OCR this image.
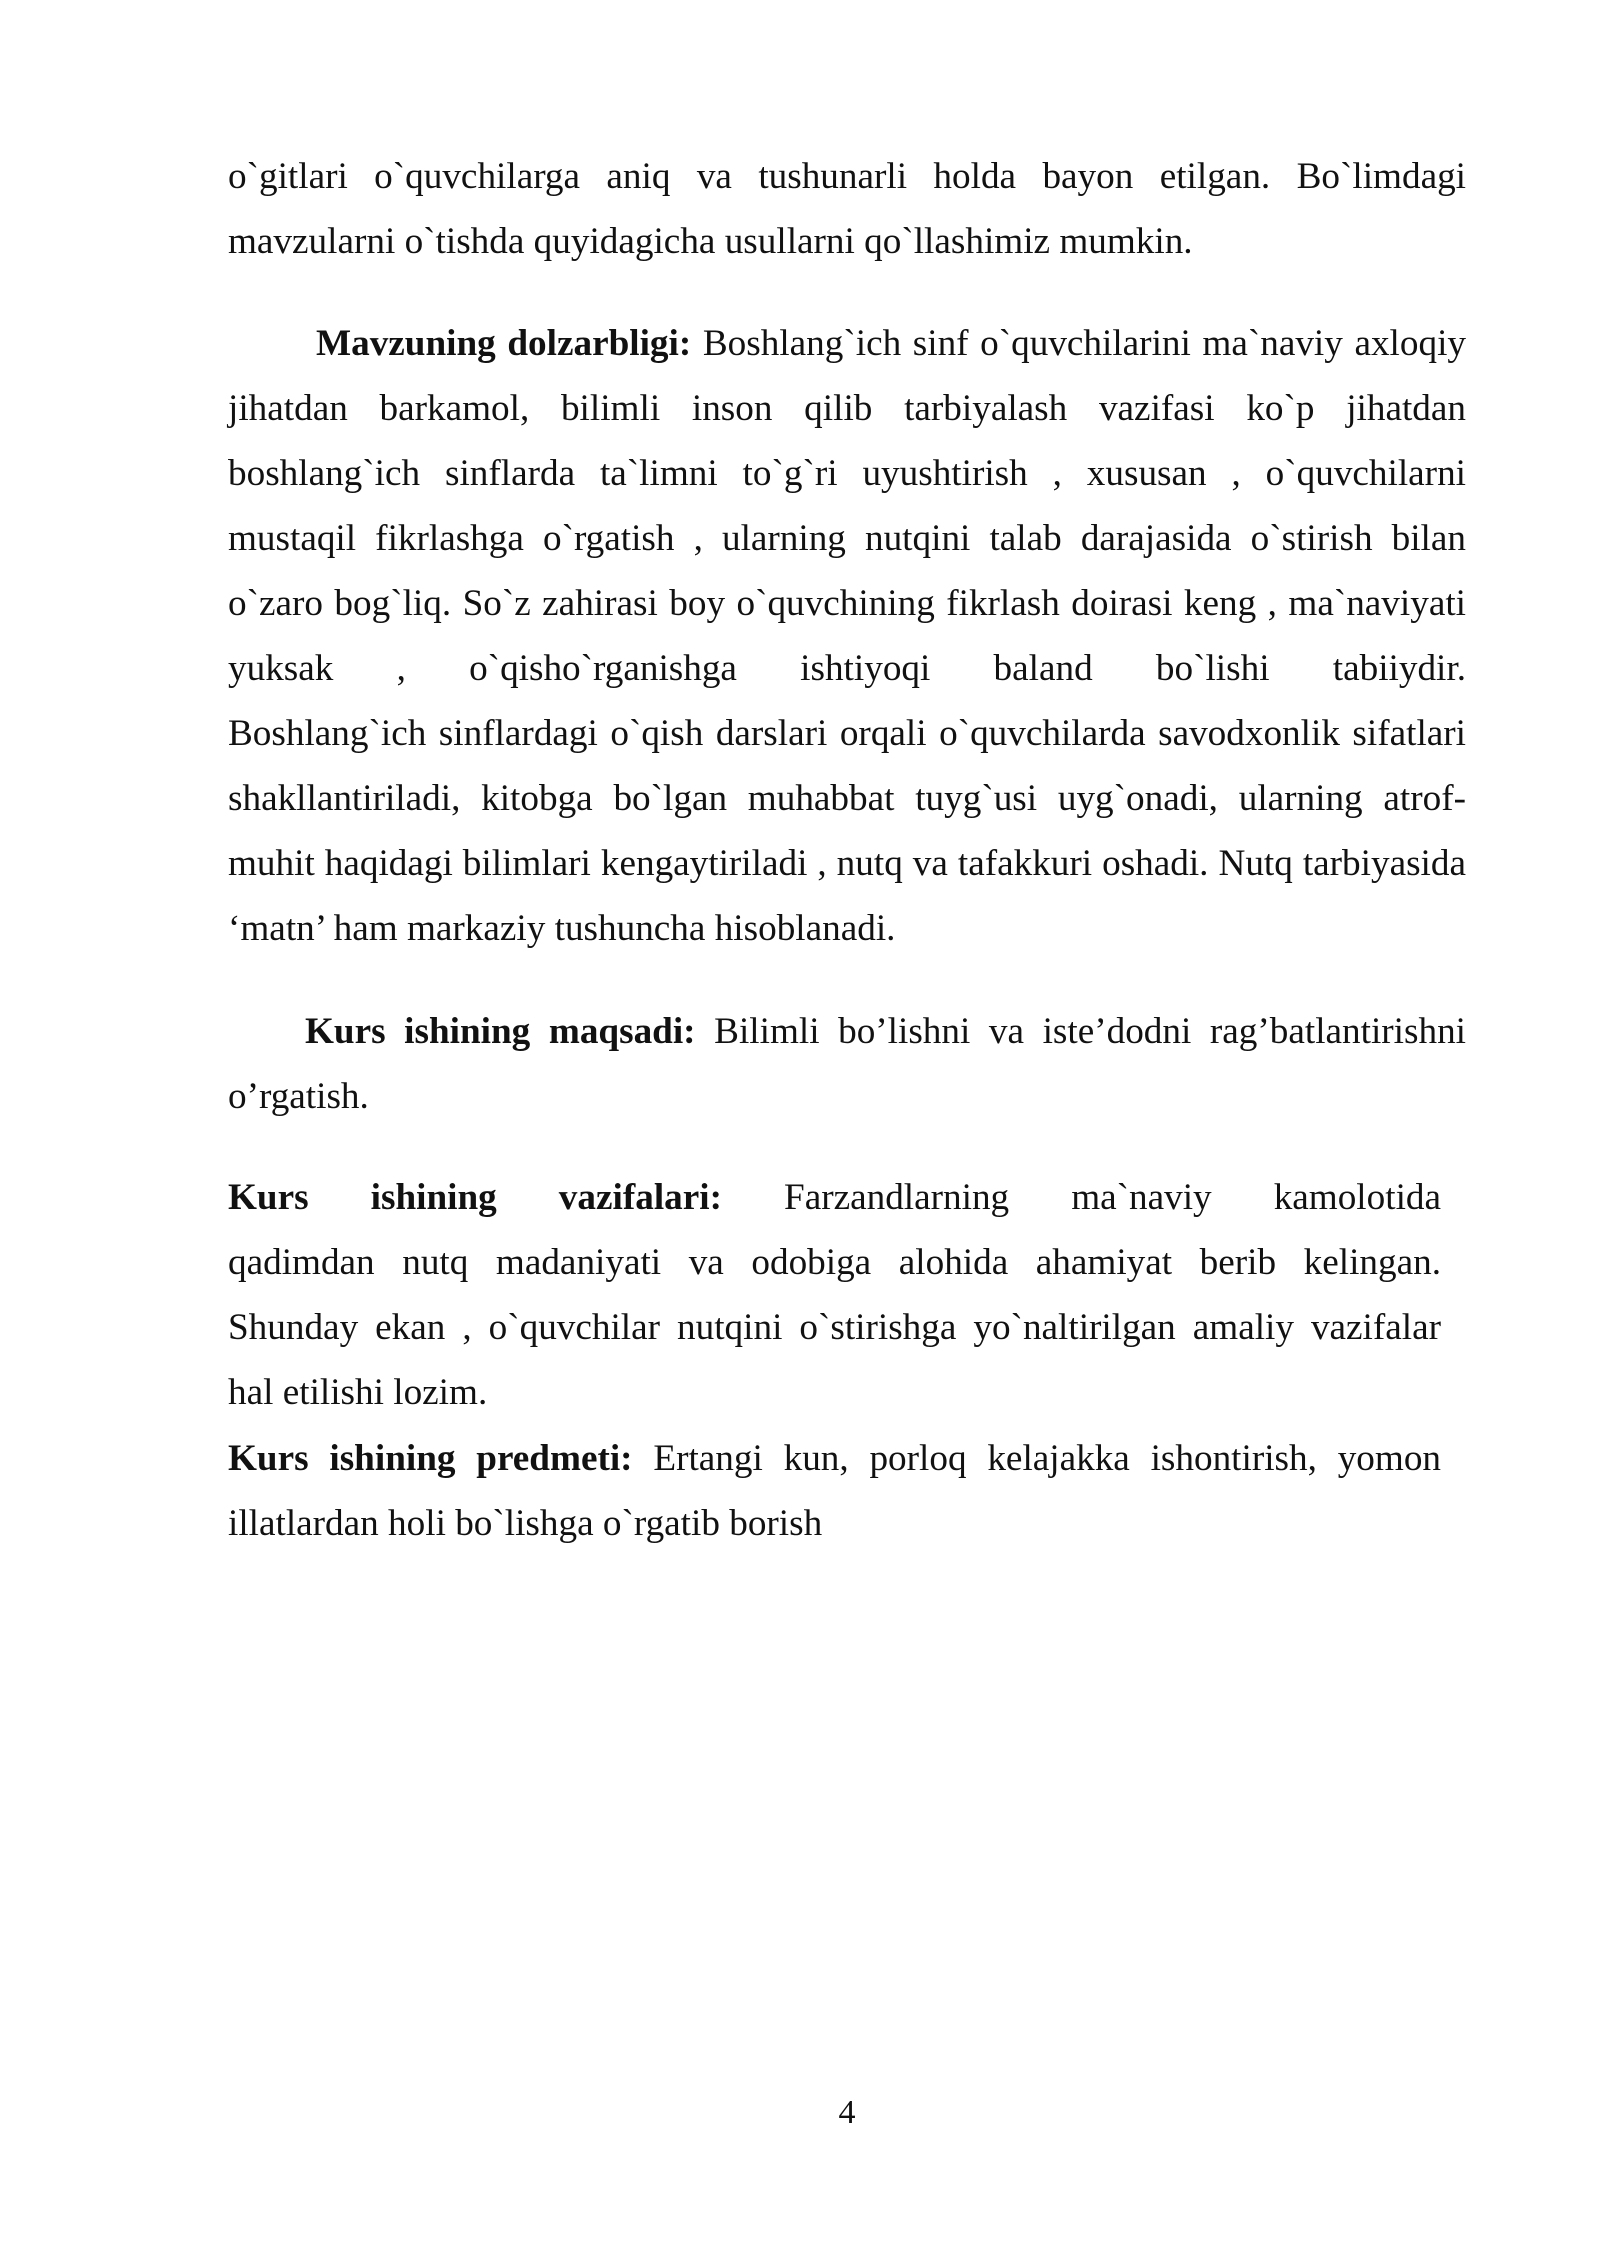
o`gitlari o`quvchilarga aniq va tushunarli holda bayon etilgan. Bo`limdagi
mavzularni o`tishda quyidagicha usullarni qo`llashimiz mumkin.
Mavzuning dolzarbligi: Boshlang`ich sinf o`quvchilarini ma`naviy axloqiy
jihatdan barkamol, bilimli inson qilib tarbiyalash vazifasi ko`p jihatdan
boshlang`ich sinflarda ta`limni to`g`ri uyushtirish , xususan , o`quvchilarni
mustaqil fikrlashga o`rgatish , ularning nutqini talab darajasida o`stirish bilan
o`zaro bog`liq. So`z zahirasi boy o`quvchining fikrlash doirasi keng , ma`naviyati
yuksak , o`qisho`rganishga ishtiyoqi baland bo`lishi tabiiydir.
Boshlang`ich sinflardagi o`qish darslari orqali o`quvchilarda savodxonlik sifatlari
shakllantiriladi, kitobga bo`lgan muhabbat tuyg`usi uyg`onadi, ularning atrof-
muhit haqidagi bilimlari kengaytiriladi , nutq va tafakkuri oshadi. Nutq tarbiyasida
‘matn’ ham markaziy tushuncha hisoblanadi.
Kurs ishining maqsadi: Bilimli bo’lishni va iste’dodni rag’batlantirishni
o’rgatish.
Kurs ishining vazifalari: Farzandlarning ma`naviy kamolotida
qadimdan nutq madaniyati va odobiga alohida ahamiyat berib kelingan.
Shunday ekan , o`quvchilar nutqini o`stirishga yo`naltirilgan amaliy vazifalar
hal etilishi lozim.
Kurs ishining predmeti: Ertangi kun, porloq kelajakka ishontirish, yomon
illatlardan holi bo`lishga o`rgatib borish
4
